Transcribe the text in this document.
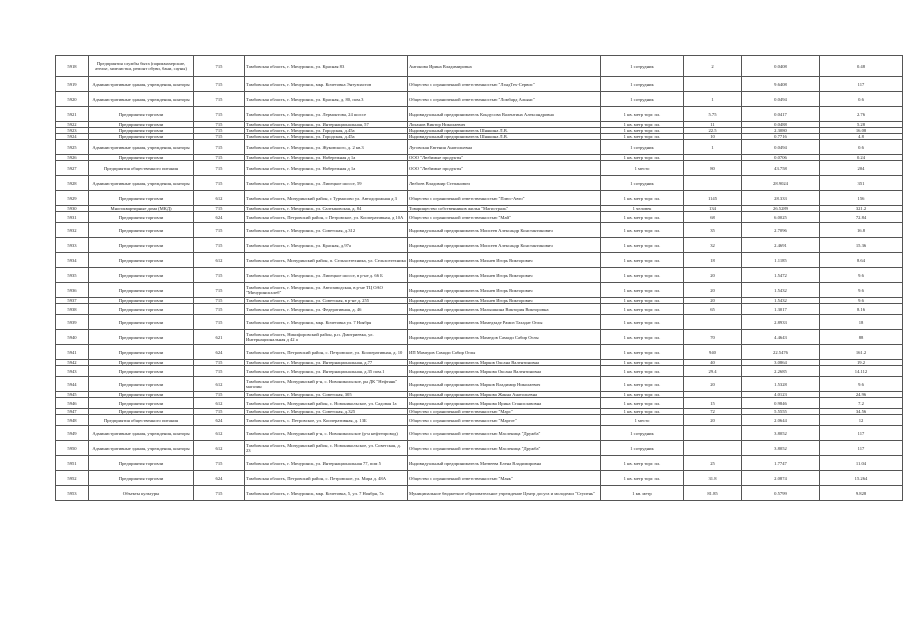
5918	Предприятия службы быта (парикмахерские, ателье, химчистки, ремонт обуви, бани, сауны)	715	Тамбовская область, г. Мичуринск, ул. Красная 83	Антонова Ирина Владимировна	1 сотрудник	2	0.0408	0.48
5919	Административные здания, учреждения, конторы	715	Тамбовская область, г. Мичуринск, мкр. Кочетовка Энтузиастов	Общество с ограниченной ответственностью "ЛэндТех-Сервис"	1 сотрудник		9.6408	117
5920	Административные здания, учреждения, конторы	715	Тамбовская область, г. Мичуринск, ул. Красная, д. 80, пом.3	Общество с ограниченной ответственностью "Ломбард Альянс"	1 сотрудник	1	0.0494	0.6
5921	Предприятия торговли	715	Тамбовская область, г. Мичуринск, ул. Лермонтова, 24 шоссе	Индивидуальный предприниматель Кондусова Валентина Александровна	1 кв. метр торг. пл.	5.75	0.0417	2.76
5922	Предприятия торговли	715	Тамбовская область, г. Мичуринск, ул. Интернациональная, 57	Лоханов Виктор Николаевич	1 кв. метр торг. пл.	11	0.0488	5.28
5923	Предприятия торговли	715	Тамбовская область, г. Мичуринск, ул. Городская, д.45а	Индивидуальный предприниматель Шнякина Л.В.	1 кв. метр торг. пл.	22.5	2.3080	16.08
5924	Предприятия торговли	715	Тамбовская область, г. Мичуринск, ул. Городская, д.45а	Индивидуальный предприниматель Шнякина Л.В.	1 кв. метр торг. пл.	10	0.7716	4.8
5925	Административные здания, учреждения, конторы	715	Тамбовская область, г. Мичуринск, ул. Жуковского, д. 2 кв.3	Луговская Евгения Анатольевна	1 сотрудник	1	0.0494	0.6
5926	Предприятия торговли	715	Тамбовская область, г. Мичуринск, ул. Набережная д 1а	ООО "Любимые продукты"	1 кв. метр торг. пл.		0.0706	0.24
5927	Предприятия общественного питания	715	Тамбовская область, г. Мичуринск, ул. Набережная д 1а	ООО "Любимые продукты"	1 место	80	43.758	204
5928	Административные здания, учреждения, конторы	715	Тамбовская область, г. Мичуринск, ул. Липецкое шоссе, 59	Любоев Владимир Степанович	1 сотрудник		28.9024	351
5929	Предприятия торговли	612	Тамбовская область, Мичуринский район, с Турмасово ул. Автодорожная д 3	Общество с ограниченной ответственностью "Плюс-Авто"	1 кв. метр торг. пл.	1145	28.333	156
5930	Многоквартирные дома (МКД)	715	Тамбовская область, г. Мичуринск, ул. Салтыковская, д. 84	Товарищество собственников жилья "Магистраль"	1 человек	134	26.5289	321.2
5931	Предприятия торговли	624	Тамбовская область, Петровский район, с Петровское, ул. Кооперативная, д 10А	Общество с ограниченной ответственностью "Май"	1 кв. метр торг. пл.	68	6.0025	72.84
5932	Предприятия торговли	715	Тамбовская область, г. Мичуринск, ул. Советская, д.312	Индивидуальный предприниматель Моисеев Александр Константинович	1 кв. метр торг. пл.	35	2.7096	16.8
5933	Предприятия торговли	715	Тамбовская область, г. Мичуринск, ул. Красная, д.97а	Индивидуальный предприниматель Моисеев Александр Константинович	1 кв. метр торг. пл.	32	2.4691	15.36
5934	Предприятия торговли	612	Тамбовская область, Мичуринский район, п. Сельхозтехника, ул. Сельхозтехника	Индивидуальный предприниматель Махнев Игорь Викторович	1 кв. метр торг. пл.	18	1.1185	8.64
5935	Предприятия торговли	715	Тамбовская область, г. Мичуринск, ул. Липецкое шоссе, в р-не д. 66 Б	Индивидуальный предприниматель Махнев Игорь Викторович	1 кв. метр торг. пл.	20	1.5472	9.6
5936	Предприятия торговли	715	Тамбовская область, г. Мичуринск, ул. Автозаводская, в р-не ТЦ ОАО "Мичуринскхлеб"	Индивидуальный предприниматель Махнев Игорь Викторович	1 кв. метр торг. пл.	20	1.5432	9.6
5937	Предприятия торговли	715	Тамбовская область, г. Мичуринск, ул. Советская, в р-не д. 255	Индивидуальный предприниматель Махнев Игорь Викторович	1 кв. метр торг. пл.	20	1.5432	9.6
5938	Предприятия торговли	715	Тамбовская область, г. Мичуринск, ул. Федеративная, д. 46	Индивидуальный предприниматель Малышкина Виктория Викторовна	1 кв. метр торг. пл.	65	1.3017	8.16
5939	Предприятия торговли	715	Тамбовская область, г. Мичуринск, мкр. Кочетовка ул. 7 Ноября	Индивидуальный предприниматель Мамедзаде Рамиз Тахадат Оглы	1 кв. метр торг. пл.		2.8933	18
5940	Предприятия торговли	621	Тамбовская область, Никифоровский район, р.п. Дмитриевка, ул. Интернациональная д 42 а	Индивидуальный предприниматель Мамедов Самади Сабир Оглы	1 кв. метр торг. пл.	70	4.4643	88
5941	Предприятия торговли	624	Тамбовская область, Петровский район, с. Петровское, ул. Кооперативная, д. 10	ИП Мамедов Самади Сабир Оглы	1 кв. метр торг. пл.	940	22.5476	161.2
5942	Предприятия торговли	715	Тамбовская область, г. Мичуринск, ул. Интернациональная, д.77	Индивидуальный предприниматель Марков Оксана Валентиновна	1 кв. метр торг. пл.	40	3.0864	19.2
5943	Предприятия торговли	715	Тамбовская область, г. Мичуринск, ул. Интернациональная, д.35 пом.1	Индивидуальный предприниматель Маркова Оксана Валентиновна	1 кв. метр торг. пл.	29.4	2.2685	14.112
5944	Предприятия торговли	612	Тамбовская область, Мичуринский р-н, с. Новоникольское, рн ДК "Нефтянк" магазин	Индивидуальный предприниматель Марков Владимир Николаевич	1 кв. метр торг. пл.	20	1.5328	9.6
5945	Предприятия торговли	715	Тамбовская область, г. Мичуринск, ул. Советская, 305	Индивидуальный предприниматель Маркова Жанна Анатольевна	1 кв. метр торг. пл.		4.0123	24.96
5946	Предприятия торговли	612	Тамбовская область, Мичуринский район, с. Новоникольское, ул. Садовая 1а	Индивидуальный предприниматель Маркова Ирина Станиславовна	1 кв. метр торг. пл.	15	0.9846	7.2
5947	Предприятия торговли	715	Тамбовская область, г. Мичуринск, ул. Советская, д.325	Общество с ограниченной ответственностью "Марс"	1 кв. метр торг. пл.	72	5.5555	34.56
5948	Предприятия общественного питания	624	Тамбовская область, с. Петровское, ул. Кооперативная, д. 13Б	Общество с ограниченной ответственностью "Маргот"	1 место	20	2.0644	12
5949	Административные здания, учреждения, конторы	612	Тамбовская область, Мичуринский р-н, с. Новоникольское (р-н нефтепровод)	Общество с ограниченной ответственностью Масленица "Дружба"	1 сотрудник		3.8052	117
5950	Административные здания, учреждения, конторы	612	Тамбовская область, Мичуринский район, с. Новоникольское, ул. Советская, д. 23	Общество с ограниченной ответственностью Масленица "Дружба"	1 сотрудник		3.8052	117
5951	Предприятия торговли	715	Тамбовская область, г. Мичуринск, ул. Интернациональная 77, пом 5	Индивидуальный предприниматель Матвеева Елена Владимировна	1 кв. метр торг. пл.	25	1.7747	11.04
5952	Предприятия торговли	624	Тамбовская область, Петровский район, с. Петровское, ул. Мира д. 48А	Общество с ограниченной ответственностью "Маяк"	1 кв. метр торг. пл.	31.8	2.0874	15.264
5953	Объекты культуры	715	Тамбовская область, г. Мичуринск, мкр. Кочетовка, 5, ул. 7 Ноября, 7а	Муниципальное бюджетное образовательное учреждение Центр досуга и молодежи "Ступень"	1 кв. метр	81.85	0.5799	9.828
